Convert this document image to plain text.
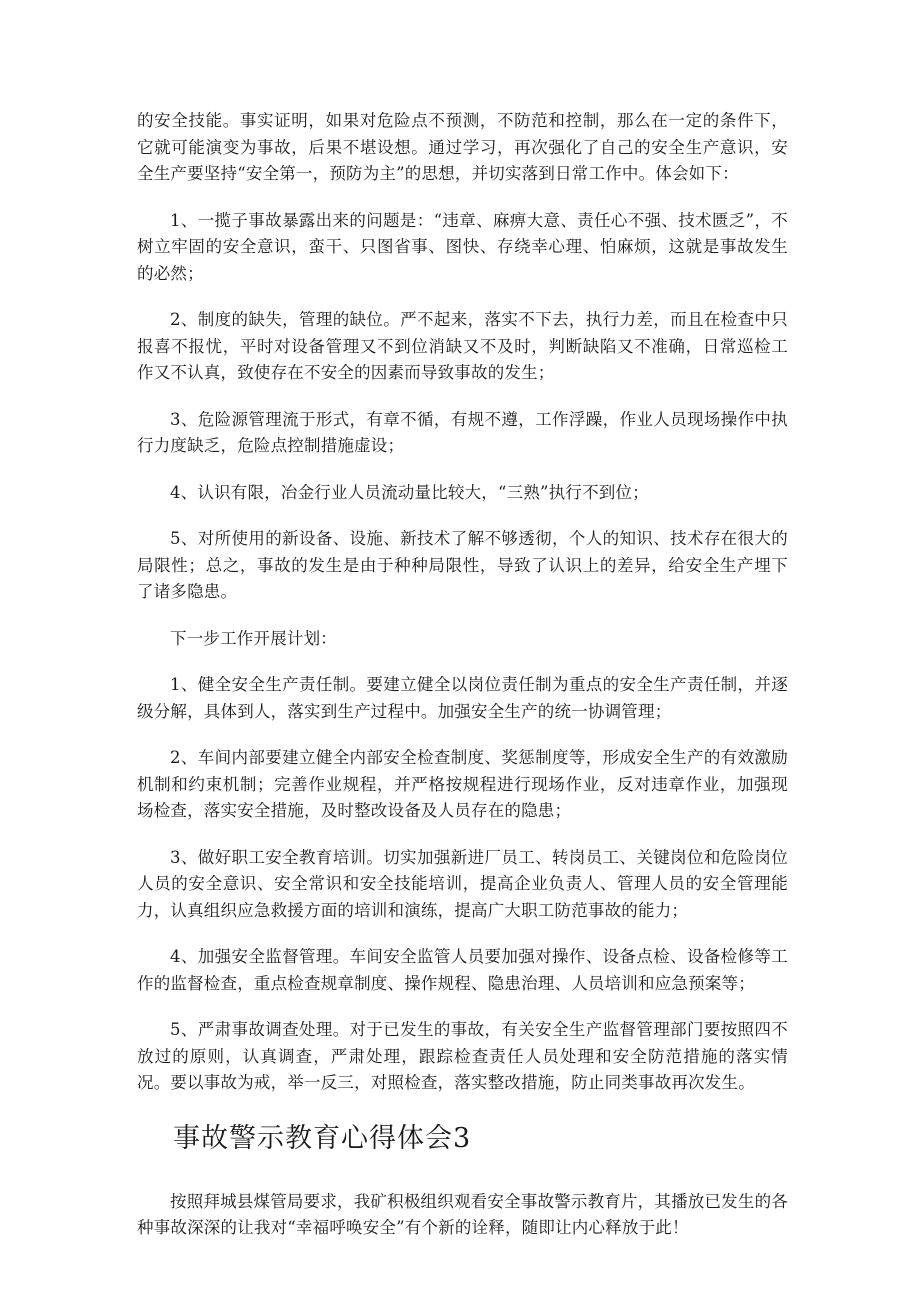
的安全技能。事实证明，如果对危险点不预测，不防范和控制，那么在一定的条件下，它就可能演变为事故，后果不堪设想。通过学习，再次强化了自己的安全生产意识，安全生产要坚持“安全第一，预防为主”的思想，并切实落到日常工作中。体会如下：

1、一揽子事故暴露出来的问题是：“违章、麻痹大意、责任心不强、技术匮乏”，不树立牢固的安全意识，蛮干、只图省事、图快、存绕幸心理、怕麻烦，这就是事故发生的必然；

2、制度的缺失，管理的缺位。严不起来，落实不下去，执行力差，而且在检查中只报喜不报忧，平时对设备管理又不到位消缺又不及时，判断缺陷又不准确，日常巡检工作又不认真，致使存在不安全的因素而导致事故的发生；

3、危险源管理流于形式，有章不循，有规不遵，工作浮躁，作业人员现场操作中执行力度缺乏，危险点控制措施虚设；

4、认识有限，冶金行业人员流动量比较大，“三熟”执行不到位；

5、对所使用的新设备、设施、新技术了解不够透彻，个人的知识、技术存在很大的局限性；总之，事故的发生是由于种种局限性，导致了认识上的差异，给安全生产埋下了诸多隐患。

下一步工作开展计划：

1、健全安全生产责任制。要建立健全以岗位责任制为重点的安全生产责任制，并逐级分解，具体到人，落实到生产过程中。加强安全生产的统一协调管理；

2、车间内部要建立健全内部安全检查制度、奖惩制度等，形成安全生产的有效激励机制和约束机制；完善作业规程，并严格按规程进行现场作业，反对违章作业，加强现场检查，落实安全措施，及时整改设备及人员存在的隐患；

3、做好职工安全教育培训。切实加强新进厂员工、转岗员工、关键岗位和危险岗位人员的安全意识、安全常识和安全技能培训，提高企业负责人、管理人员的安全管理能力，认真组织应急救援方面的培训和演练，提高广大职工防范事故的能力；

4、加强安全监督管理。车间安全监管人员要加强对操作、设备点检、设备检修等工作的监督检查，重点检查规章制度、操作规程、隐患治理、人员培训和应急预案等；

5、严肃事故调查处理。对于已发生的事故，有关安全生产监督管理部门要按照四不放过的原则，认真调查，严肃处理，跟踪检查责任人员处理和安全防范措施的落实情况。要以事故为戒，举一反三，对照检查，落实整改措施，防止同类事故再次发生。

事故警示教育心得体会3

按照拜城县煤管局要求，我矿积极组织观看安全事故警示教育片，其播放已发生的各种事故深深的让我对“幸福呼唤安全”有个新的诠释，随即让内心释放于此！
